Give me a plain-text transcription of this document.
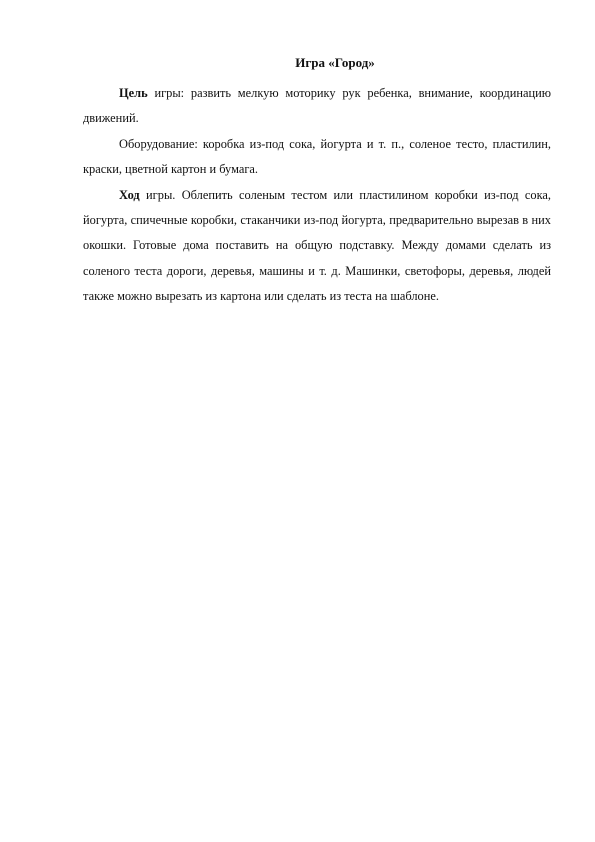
Игра «Город»

Цель игры: развить мелкую моторику рук ребенка, внимание, координацию движений.

Оборудование: коробка из-под сока, йогурта и т. п., соленое тесто, пластилин, краски, цветной картон и бумага.

Ход игры. Облепить соленым тестом или пластилином коробки из-под сока, йогурта, спичечные коробки, стаканчики из-под йогурта, предварительно вырезав в них окошки. Готовые дома поставить на общую подставку. Между домами сделать из соленого теста дороги, деревья, машины и т. д. Машинки, светофоры, деревья, людей также можно вырезать из картона или сделать из теста на шаблоне.
